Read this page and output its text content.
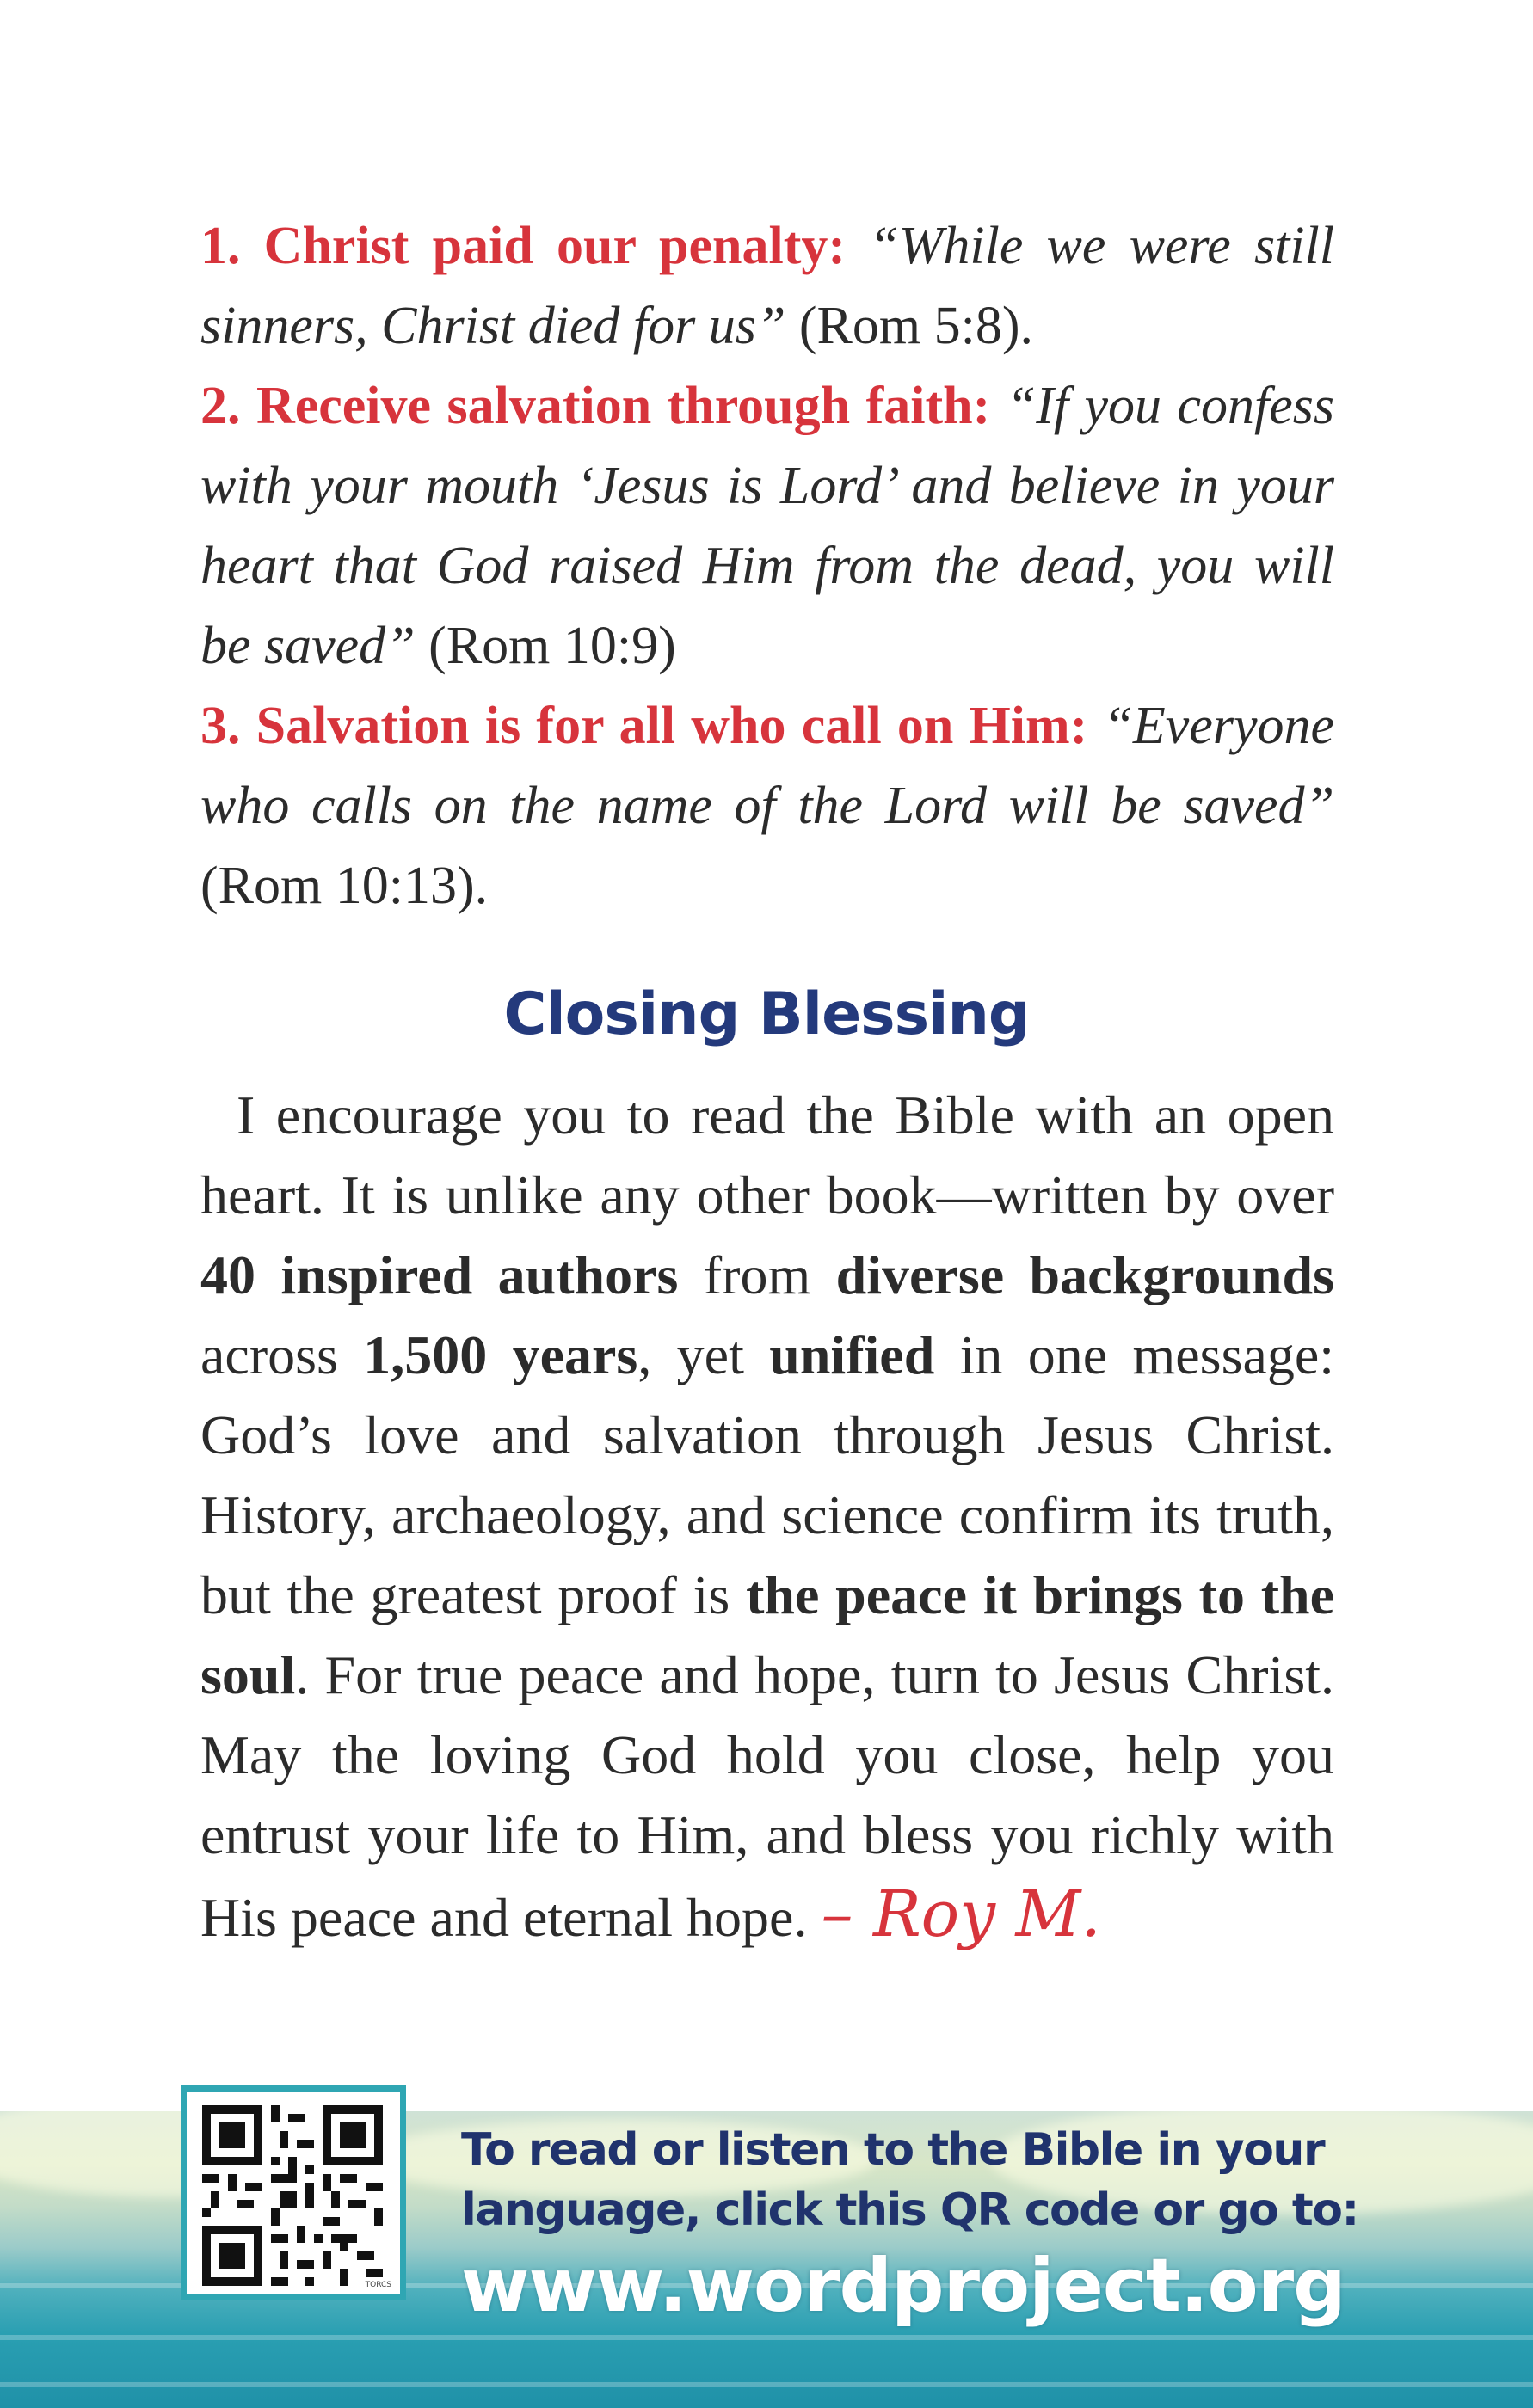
1. Christ paid our penalty: “While we were still sinners, Christ died for us” (Rom 5:8).

2. Receive salvation through faith: “If you confess with your mouth ‘Jesus is Lord’ and believe in your heart that God raised Him from the dead, you will be saved” (Rom 10:9)

3. Salvation is for all who call on Him: “Everyone who calls on the name of the Lord will be saved” (Rom 10:13).

Closing Blessing

I encourage you to read the Bible with an open heart. It is unlike any other book—written by over 40 inspired authors from diverse backgrounds across 1,500 years, yet unified in one message: God’s love and salvation through Jesus Christ. History, archaeology, and science confirm its truth, but the greatest proof is the peace it brings to the soul. For true peace and hope, turn to Jesus Christ. May the loving God hold you close, help you entrust your life to Him, and bless you richly with His peace and eternal hope. – Roy M.

TORCS

To read or listen to the Bible in your
language, click this QR code or go to:

www.wordproject.org
